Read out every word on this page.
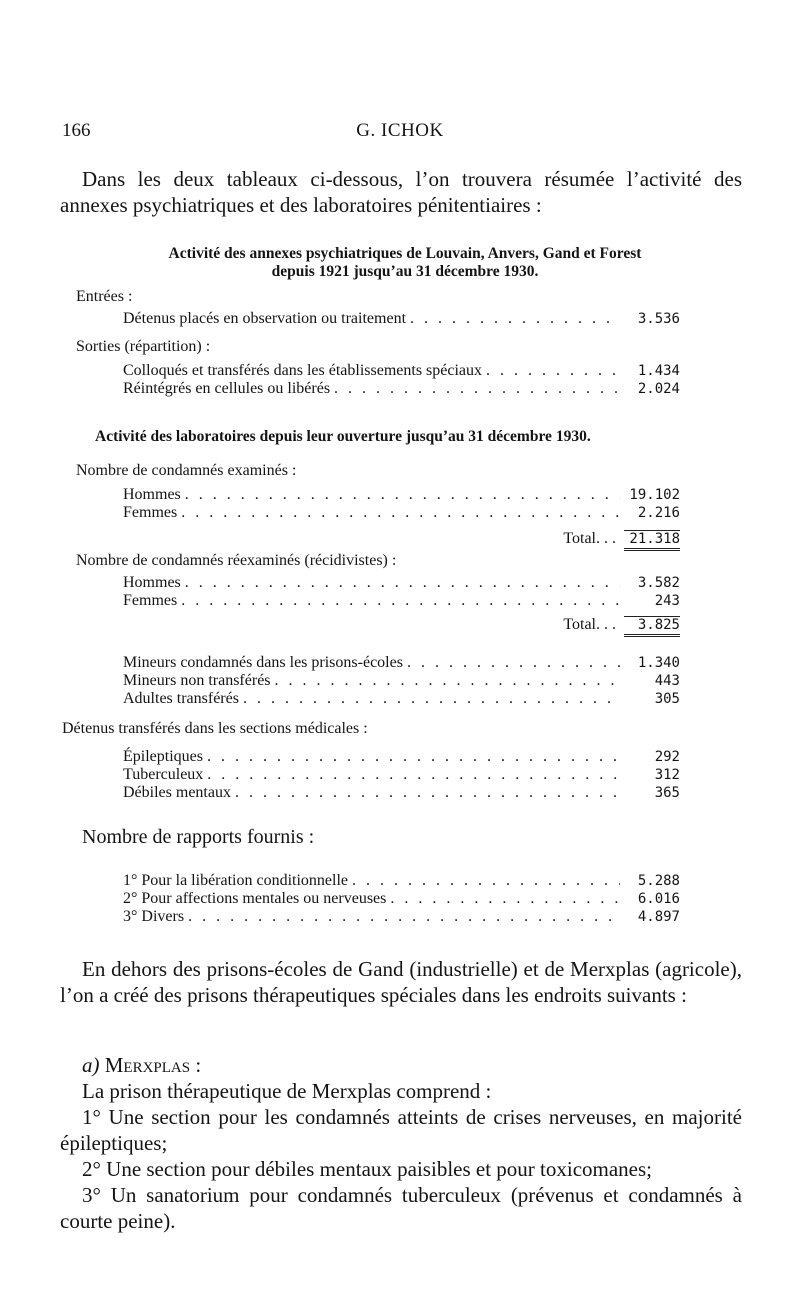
166	G. ICHOK

Dans les deux tableaux ci-dessous, l’on trouvera résumée l’activité des annexes psychiatriques et des laboratoires pénitentiaires :

Activité des annexes psychiatriques de Louvain, Anvers, Gand et Forest
depuis 1921 jusqu’au 31 décembre 1930.
Entrées :
Détenus placés en observation ou traitement . . .	3.536
Sorties (répartition) :
Colloqués et transférés dans les établissements spéciaux . . .	1.434
Réintégrés en cellules ou libérés . . .	2.024
Activité des laboratoires depuis leur ouverture jusqu’au 31 décembre 1930.
Nombre de condamnés examinés :
Hommes . . .	19.102
Femmes . . .	2.216
Total. . . 21.318
Nombre de condamnés réexaminés (récidivistes) :
Hommes . . .	3.582
Femmes . . .	243
Total. . .	3.825
Mineurs condamnés dans les prisons-écoles . . .	1.340
Mineurs non transférés . . .	443
Adultes transférés . . .	305
Détenus transférés dans les sections médicales :
Épileptiques . . .	292
Tuberculeux . . .	312
Débiles mentaux . . .	365
Nombre de rapports fournis :
1° Pour la libération conditionnelle . . .	5.288
2° Pour affections mentales ou nerveuses . . .	6.016
3° Divers . . .	4.897

En dehors des prisons-écoles de Gand (industrielle) et de Merxplas (agricole), l’on a créé des prisons thérapeutiques spéciales dans les endroits suivants :

a) Merxplas :

La prison thérapeutique de Merxplas comprend :

1° Une section pour les condamnés atteints de crises nerveuses, en majorité épileptiques;

2° Une section pour débiles mentaux paisibles et pour toxicomanes;

3° Un sanatorium pour condamnés tuberculeux (prévenus et condamnés à courte peine).
